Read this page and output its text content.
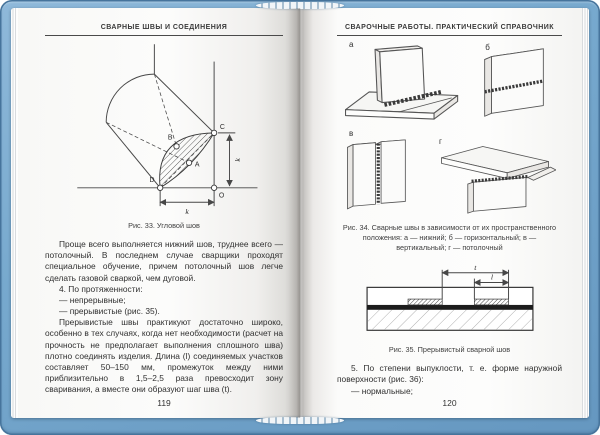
СВАРНЫЕ ШВЫ И СОЕДИНЕНИЯ
k
k
B
A
C
D
O
Рис. 33. Угловой шов

Проще всего выполняется нижний шов, труднее всего — потолочный. В последнем случае сварщики проходят специальное обучение, причем потолочный шов легче сделать газовой сваркой, чем дуговой.

4. По протяженности:

— непрерывные;

— прерывистые (рис. 35).

Прерывистые швы практикуют достаточно широко, особенно в тех случаях, когда нет необходимости (расчет на прочность не предполагает выполнения сплошного шва) плотно соединять изделия. Длина (l) соединяемых участков составляет 50–150 мм, промежуток между ними приблизительно в 1,5–2,5 раза превосходит зону сваривания, а вместе они образуют шаг шва (t).

119
СВАРОЧНЫЕ РАБОТЫ. ПРАКТИЧЕСКИЙ СПРАВОЧНИК
а	б
в
г
Рис. 34. Сварные швы в зависимости от их пространственного положения: а — нижний; б — горизонтальный; в — вертикальный; г — потолочный
t
l
Рис. 35. Прерывистый сварной шов

5. По степени выпуклости, т. е. форме наружной поверхности (рис. 36):

— нормальные;

120
